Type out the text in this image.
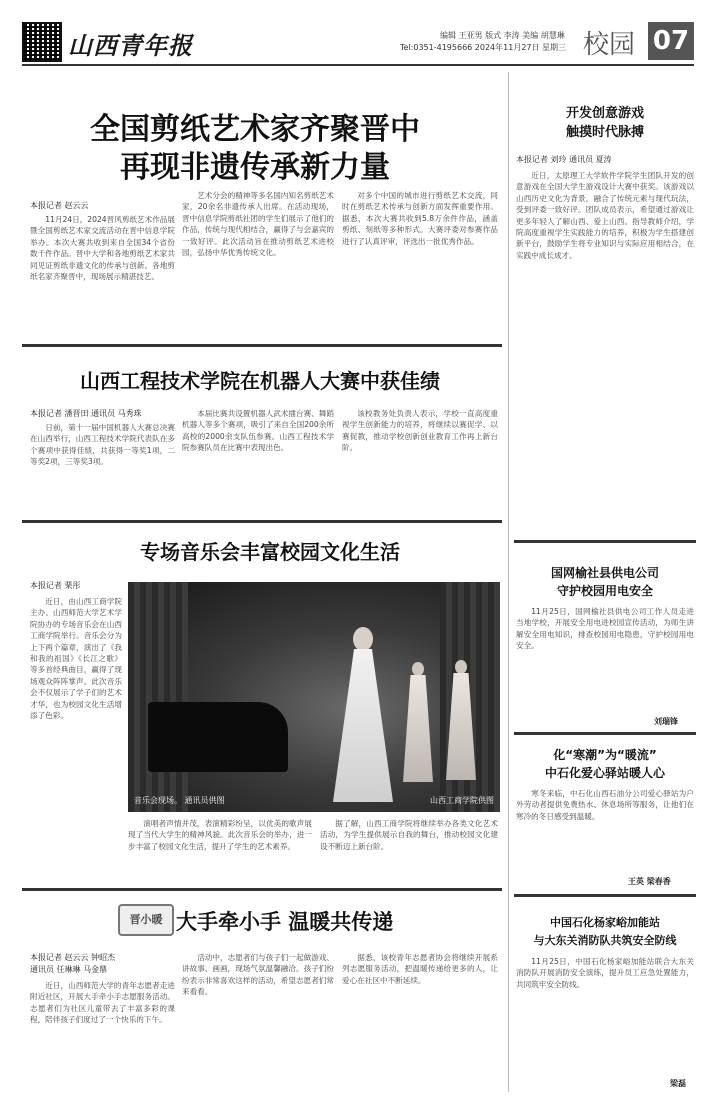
山西青年报	编辑 王亚男 版式 李涛 美编 胡慧琳
Tel:0351-4195666 2024年11月27日 星期三 校园 07
全国剪纸艺术家齐聚晋中
再现非遗传承新力量
本报记者 赵云云

11月24日，2024晋风剪纸艺术作品展暨全国剪纸艺术家交流活动在晋中信息学院举办。本次大赛共收到来自全国34个省份数千件作品。晋中大学和各地剪纸艺术家共同见证剪纸非遗文化的传承与创新。各地剪纸名家齐聚晋中，现场展示精湛技艺。

艺术分会的精神等多名国内知名剪纸艺术家，20余名非遗传承人出席。在活动现场，晋中信息学院剪纸社团的学生们展示了他们的作品，传统与现代相结合，赢得了与会嘉宾的一致好评。此次活动旨在推动剪纸艺术进校园，弘扬中华优秀传统文化。

对多个中国的城市进行剪纸艺术交流，同时在剪纸艺术传承与创新方面发挥重要作用。据悉，本次大赛共收到5.8万余件作品，涵盖剪纸、刻纸等多种形式。大赛评委对参赛作品进行了认真评审，评选出一批优秀作品。

山西工程技术学院在机器人大赛中获佳绩
本报记者 潘晋田 通讯员 马秀珠

日前，第十一届中国机器人大赛总决赛在山西举行，山西工程技术学院代表队在多个赛项中获得佳绩，共获得一等奖1项，二等奖2项，三等奖3项。

本届比赛共设置机器人武术擂台赛、舞蹈机器人等多个赛项，吸引了来自全国200余所高校的2000余支队伍参赛。山西工程技术学院参赛队员在比赛中表现出色。

该校教务处负责人表示，学校一直高度重视学生创新能力的培养，将继续以赛促学、以赛促教，推动学校创新创业教育工作再上新台阶。

专场音乐会丰富校园文化生活
本报记者 栗彤

近日，由山西工商学院主办、山西师范大学艺术学院协办的专场音乐会在山西工商学院举行。音乐会分为上下两个篇章，演出了《我和我的祖国》《长江之歌》等多首经典曲目，赢得了现场观众阵阵掌声。此次音乐会不仅展示了学子们的艺术才华，也为校园文化生活增添了色彩。

音乐会现场。 通讯员供图	山西工商学院供图

演唱者声情并茂，表演精彩纷呈，以优美的歌声展现了当代大学生的精神风貌。此次音乐会的举办，进一步丰富了校园文化生活，提升了学生的艺术素养。

据了解，山西工商学院将继续举办各类文化艺术活动，为学生提供展示自我的舞台，推动校园文化建设不断迈上新台阶。

晋小暖 大手牵小手 温暖共传递
本报记者 赵云云 钟昭杰
通讯员 任琳琳 马金鼎

近日，山西师范大学的青年志愿者走进附近社区，开展大手牵小手志愿服务活动。志愿者们为社区儿童带去了丰富多彩的课程，陪伴孩子们度过了一个快乐的下午。

活动中，志愿者们与孩子们一起做游戏、讲故事、画画，现场气氛温馨融洽。孩子们纷纷表示非常喜欢这样的活动，希望志愿者们常来看看。

据悉，该校青年志愿者协会将继续开展系列志愿服务活动，把温暖传递给更多的人，让爱心在社区中不断延续。

开发创意游戏
触摸时代脉搏
本报记者 刘玲 通讯员 夏涛

近日，太原理工大学软件学院学生团队开发的创意游戏在全国大学生游戏设计大赛中获奖。该游戏以山西历史文化为背景，融合了传统元素与现代玩法，受到评委一致好评。团队成员表示，希望通过游戏让更多年轻人了解山西、爱上山西。指导教师介绍，学院高度重视学生实践能力的培养，积极为学生搭建创新平台，鼓励学生将专业知识与实际应用相结合，在实践中成长成才。

国网榆社县供电公司
守护校园用电安全

11月25日，国网榆社县供电公司工作人员走进当地学校，开展安全用电进校园宣传活动，为师生讲解安全用电知识，排查校园用电隐患，守护校园用电安全。

刘瑞锋
化“寒潮”为“暖流”
中石化爱心驿站暖人心

寒冬来临，中石化山西石油分公司爱心驿站为户外劳动者提供免费热水、休息场所等服务，让他们在寒冷的冬日感受到温暖。

王英 梁春香
中国石化杨家峪加能站
与大东关消防队共筑安全防线

11月25日，中国石化杨家峪加能站联合大东关消防队开展消防安全演练，提升员工应急处置能力，共同筑牢安全防线。

梁磊
